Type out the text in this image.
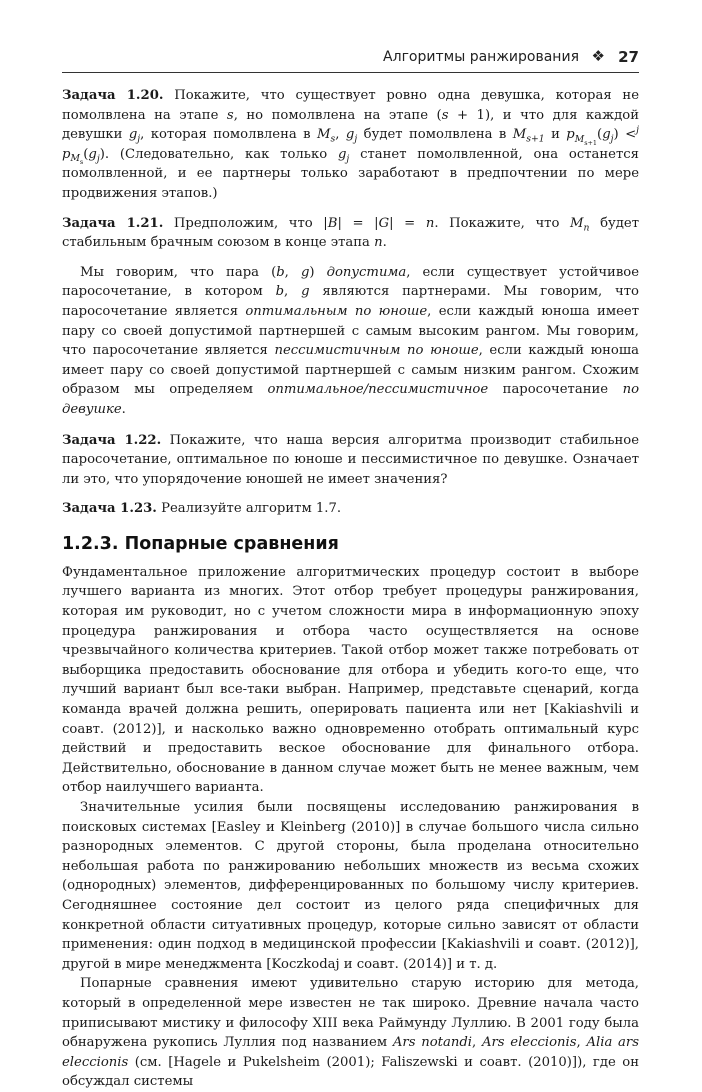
Алгоритмы ранжирования ❖ 27

Задача 1.20. Покажите, что существует ровно одна девушка, которая не помолвлена на этапе s, но помолвлена на этапе (s + 1), и что для каждой девушки $g_j$, которая помолвлена в $M_s$, $g_j$ будет помолвлена в $M_{s+1}$ и $p_{M_{s+1}}(g_j) <^j$ $p_{M_s}(g_j)$. (Следовательно, как только $g_j$ станет помолвленной, она останется помолвленной, и ее партнеры только заработают в предпочтении по мере продвижения этапов.)

Задача 1.21. Предположим, что |B| = |G| = n. Покажите, что $M_n$ будет стабильным брачным союзом в конце этапа n.

Мы говорим, что пара (b, g) допустима, если существует устойчивое паросочетание, в котором b, g являются партнерами. Мы говорим, что паросочетание является оптимальным по юноше, если каждый юноша имеет пару со своей допустимой партнершей с самым высоким рангом. Мы говорим, что паросочетание является пессимистичным по юноше, если каждый юноша имеет пару со своей допустимой партнершей с самым низким рангом. Схожим образом мы определяем оптимальное/пессимистичное паросочетание по девушке.

Задача 1.22. Покажите, что наша версия алгоритма производит стабильное паросочетание, оптимальное по юноше и пессимистичное по девушке. Означает ли это, что упорядочение юношей не имеет значения?

Задача 1.23. Реализуйте алгоритм 1.7.

1.2.3. Попарные сравнения

Фундаментальное приложение алгоритмических процедур состоит в выборе лучшего варианта из многих. Этот отбор требует процедуры ранжирования, которая им руководит, но с учетом сложности мира в информационную эпоху процедура ранжирования и отбора часто осуществляется на основе чрезвычайного количества критериев. Такой отбор может также потребовать от выборщика предоставить обоснование для отбора и убедить кого-то еще, что лучший вариант был все-таки выбран. Например, представьте сценарий, когда команда врачей должна решить, оперировать пациента или нет [Kakiashvili и соавт. (2012)], и насколько важно одновременно отобрать оптимальный курс действий и предоставить веское обоснование для финального отбора. Действительно, обоснование в данном случае может быть не менее важным, чем отбор наилучшего варианта.

Значительные усилия были посвящены исследованию ранжирования в поисковых системах [Easley и Kleinberg (2010)] в случае большого числа сильно разнородных элементов. С другой стороны, была проделана относительно небольшая работа по ранжированию небольших множеств из весьма схожих (однородных) элементов, дифференцированных по большому числу критериев. Сегодняшнее состояние дел состоит из целого ряда специфичных для конкретной области ситуативных процедур, которые сильно зависят от области применения: один подход в медицинской профессии [Kakiashvili и соавт. (2012)], другой в мире менеджмента [Koczkodaj и соавт. (2014)] и т. д.

Попарные сравнения имеют удивительно старую историю для метода, который в определенной мере известен не так широко. Древние начала часто приписывают мистику и философу XIII века Раймунду Луллию. В 2001 году была обнаружена рукопись Луллия под названием Ars notandi, Ars eleccionis, Alia ars eleccionis (см. [Hagele и Pukelsheim (2001); Faliszewski и соавт. (2010)]), где он обсуждал системы
